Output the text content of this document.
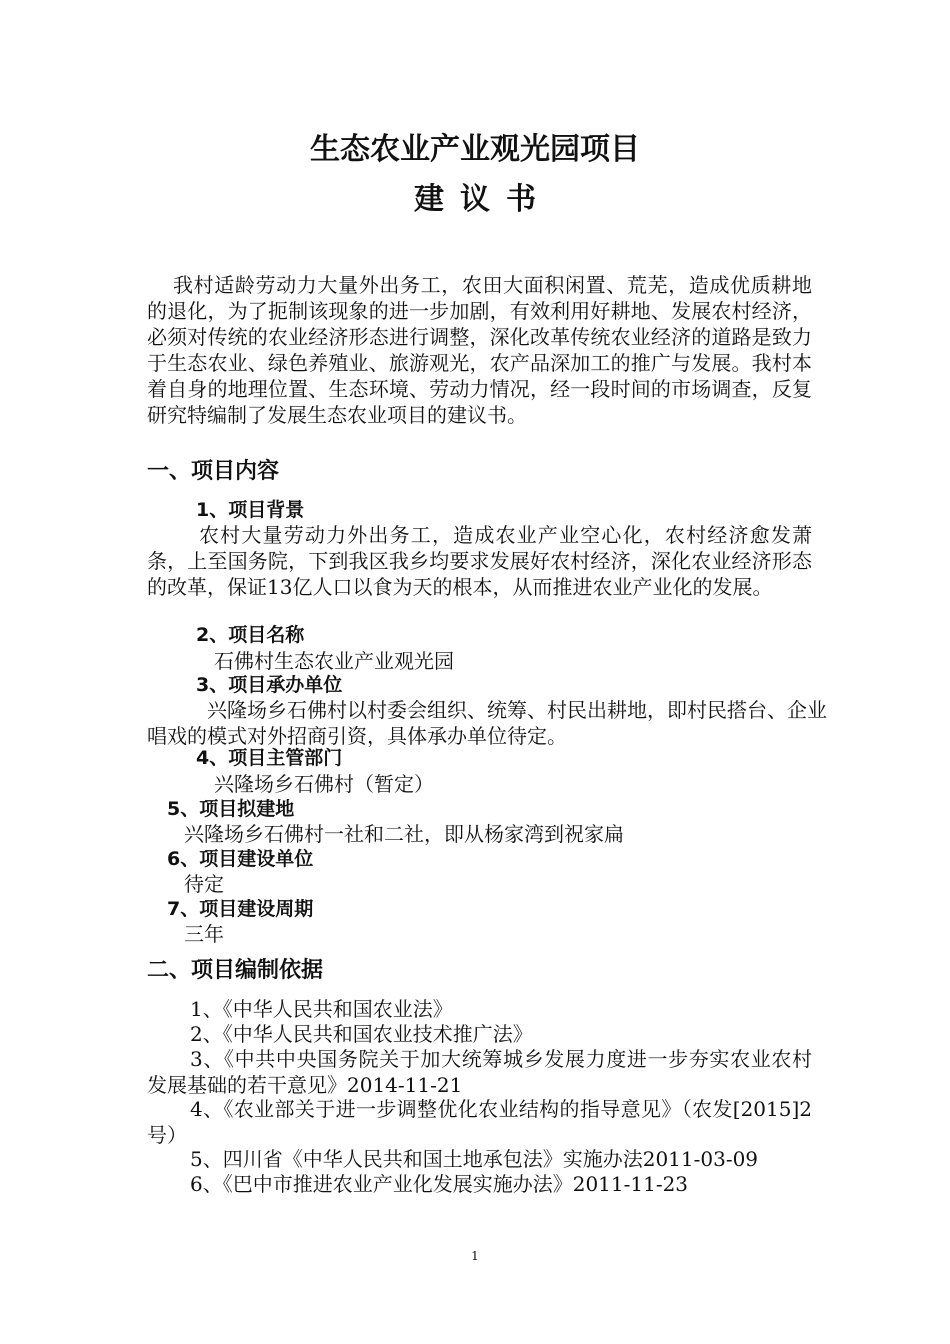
生态农业产业观光园项目
建议书
我村适龄劳动力大量外出务工，农田大面积闲置、荒芜，造成优质耕地的退化，为了扼制该现象的进一步加剧，有效利用好耕地、发展农村经济，必须对传统的农业经济形态进行调整，深化改革传统农业经济的道路是致力于生态农业、绿色养殖业、旅游观光，农产品深加工的推广与发展。我村本着自身的地理位置、生态环境、劳动力情况，经一段时间的市场调查，反复研究特编制了发展生态农业项目的建议书。
一、项目内容
1、项目背景
农村大量劳动力外出务工，造成农业产业空心化，农村经济愈发萧条，上至国务院，下到我区我乡均要求发展好农村经济，深化农业经济形态的改革，保证13亿人口以食为天的根本，从而推进农业产业化的发展。
2、项目名称
石佛村生态农业产业观光园
3、项目承办单位
兴隆场乡石佛村以村委会组织、统筹、村民出耕地，即村民搭台、企业唱戏的模式对外招商引资，具体承办单位待定。
4、项目主管部门
兴隆场乡石佛村（暂定）
5、项目拟建地
兴隆场乡石佛村一社和二社，即从杨家湾到祝家扁
6、项目建设单位
待定
7、项目建设周期
三年
二、项目编制依据
1、《中华人民共和国农业法》
2、《中华人民共和国农业技术推广法》
3、《中共中央国务院关于加大统筹城乡发展力度进一步夯实农业农村发展基础的若干意见》2014-11-21
4、《农业部关于进一步调整优化农业结构的指导意见》（农发[2015]2号）
5、四川省《中华人民共和国土地承包法》实施办法2011-03-09
6、《巴中市推进农业产业化发展实施办法》2011-11-23
1
